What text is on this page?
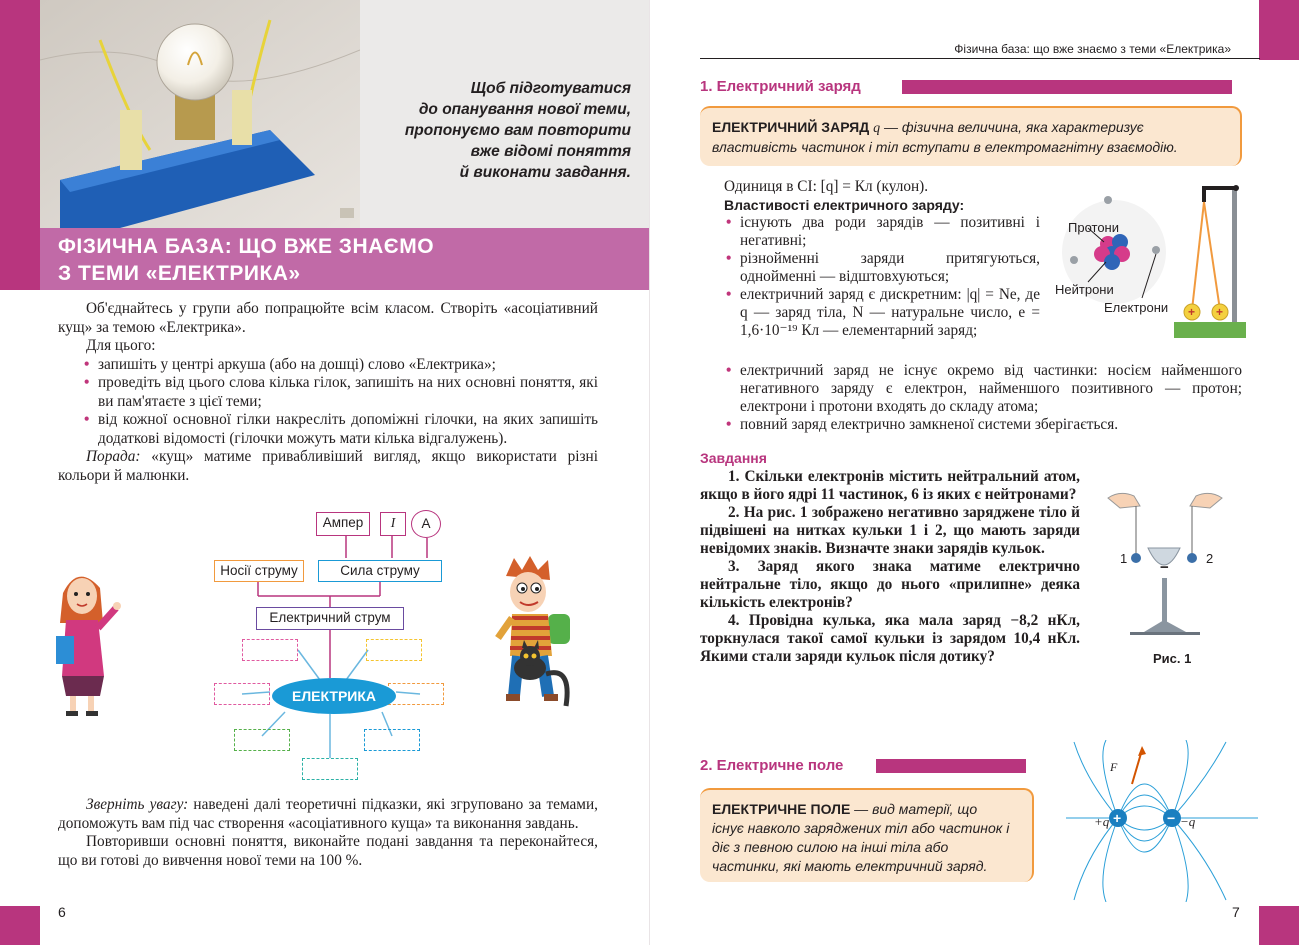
Щоб підготуватися
до опанування нової теми,
пропонуємо вам повторити
вже відомі поняття
й виконати завдання.
ФІЗИЧНА БАЗА: ЩО ВЖЕ ЗНАЄМО
З ТЕМИ «ЕЛЕКТРИКА»

Об'єднайтесь у групи або попрацюйте всім класом. Створіть «асоціативний кущ» за темою «Електрика».

Для цього:

• запишіть у центрі аркуша (або на дошці) слово «Електрика»;
• проведіть від цього слова кілька гілок, запишіть на них основні поняття, які ви пам'ятаєте з цієї теми;
• від кожної основної гілки накресліть допоміжні гілочки, на яких запишіть додаткові відомості (гілочки можуть мати кілька відгалужень).

Порада: «кущ» матиме привабливіший вигляд, якщо використати різні кольори й малюнки.

Ампер	I	A
Носії струму	Сила струму
Електричний струм
ЕЛЕКТРИКА

Зверніть увагу: наведені далі теоретичні підказки, які згруповано за темами, допоможуть вам під час створення «асоціативного куща» та виконання завдань.

Повторивши основні поняття, виконайте подані завдання та переконайтеся, що ви готові до вивчення нової теми на 100 %.

6
Фізична база: що вже знаємо з теми «Електрика»
1. Електричний заряд
ЕЛЕКТРИЧНИЙ ЗАРЯД q — фізична величина, яка характеризує властивість частинок і тіл вступати в електромагнітну взаємодію.
Одиниця в СІ: [q] = Кл (кулон).
Властивості електричного заряду:
• існують два роди зарядів — позитивні і негативні;
• різнойменні заряди притягуються, однойменні — відштовхуються;
• електричний заряд є дискретним: |q| = Ne, де q — заряд тіла, N — натуральне число, e = 1,6·10⁻¹⁹ Кл — елементарний заряд;
• електричний заряд не існує окремо від частинки: носієм найменшого негативного заряду є електрон, найменшого позитивного — протон; електрони і протони входять до складу атома;
• повний заряд електрично замкненої системи зберігається.
Протони
Нейтрони
Електрони + +
Завдання

1. Скільки електронів містить нейтральний атом, якщо в його ядрі 11 частинок, 6 із яких є нейтронами?

2. На рис. 1 зображено негативно заряджене тіло й підвішені на нитках кульки 1 і 2, що мають заряди невідомих знаків. Визначте знаки зарядів кульок.

3. Заряд якого знака матиме електрично нейтральне тіло, якщо до нього «прилипне» деяка кількість електронів?

4. Провідна кулька, яка мала заряд −8,2 нКл, торкнулася такої самої кульки із зарядом 10,4 нКл. Якими стали заряди кульок після дотику?

1	2
−
Рис. 1
2. Електричне поле
ЕЛЕКТРИЧНЕ ПОЛЕ — вид матерії, що існує навколо заряджених тіл або частинок і діє з певною силою на інші тіла або частинки, які мають електричний заряд.
+	−
+q	−q
F
7
